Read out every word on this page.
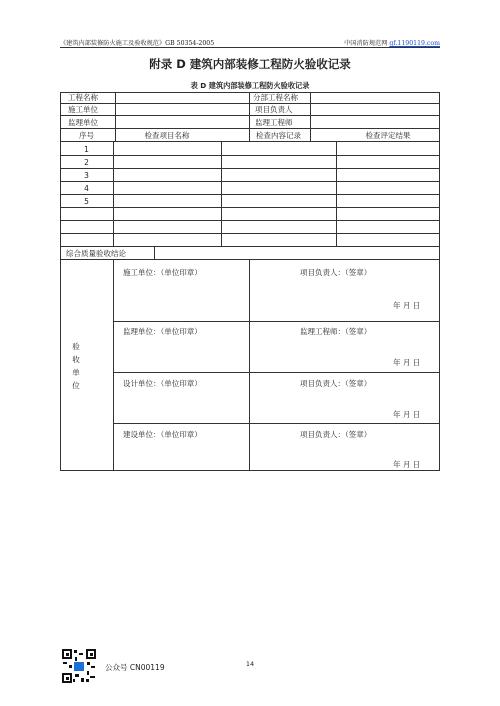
《建筑内部装修防火施工及验收规范》GB 50354-2005	中国消防规范网 gf.1190119.com
附录 D 建筑内部装修工程防火验收记录
表 D 建筑内部装修工程防火验收记录
工程名称	分部工程名称
施工单位	项目负责人
监理单位	监理工程师
序号	检查项目名称	检查内容记录	检查评定结果
1
2
3
4
5
综合质量验收结论
验
收
单
位
施工单位：（单位印章）	项目负责人：（签章）
年 月 日
监理单位：（单位印章）	监理工程师：（签章）
年 月 日
设计单位：（单位印章）	项目负责人：（签章）
年 月 日
建设单位：（单位印章）	项目负责人：（签章）
年 月 日
公众号 CN00119	14
